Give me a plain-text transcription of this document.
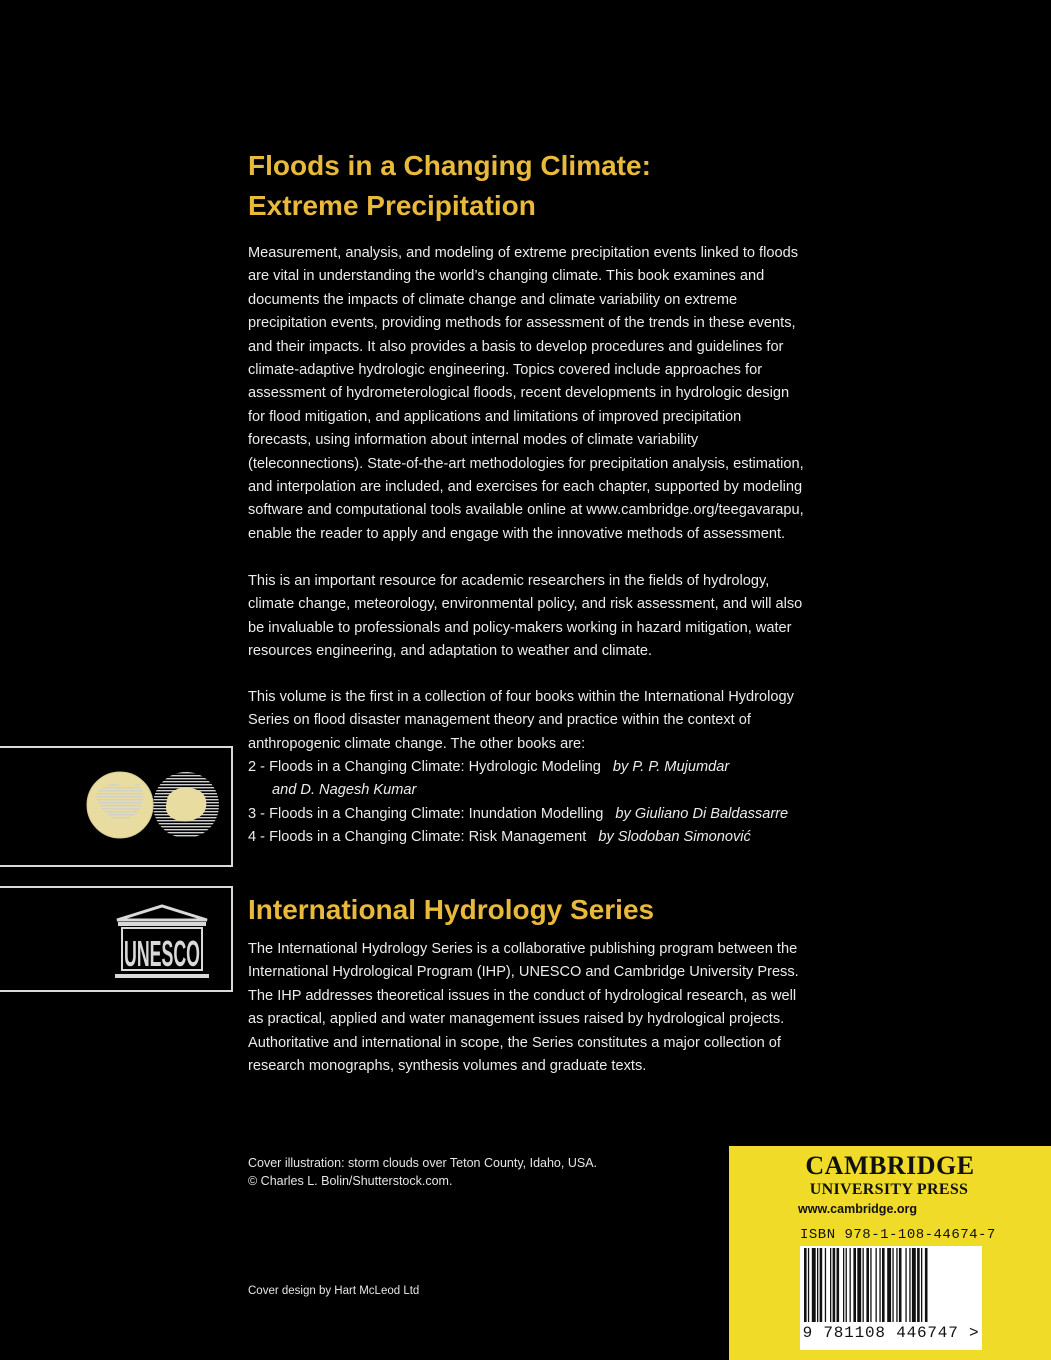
Floods in a Changing Climate:
Extreme Precipitation

Measurement, analysis, and modeling of extreme precipitation events linked to floods are vital in understanding the world’s changing climate. This book examines and documents the impacts of climate change and climate variability on extreme precipitation events, providing methods for assessment of the trends in these events, and their impacts. It also provides a basis to develop procedures and guidelines for climate-adaptive hydrologic engineering. Topics covered include approaches for assessment of hydrometerological floods, recent developments in hydrologic design for flood mitigation, and applications and limitations of improved precipitation forecasts, using information about internal modes of climate variability (teleconnections). State-of-the-art methodologies for precipitation analysis, estimation, and interpolation are included, and exercises for each chapter, supported by modeling software and computational tools available online at www.cambridge.org/teegavarapu, enable the reader to apply and engage with the innovative methods of assessment.

This is an important resource for academic researchers in the fields of hydrology, climate change, meteorology, environmental policy, and risk assessment, and will also be invaluable to professionals and policy-makers working in hazard mitigation, water resources engineering, and adaptation to weather and climate.

This volume is the first in a collection of four books within the International Hydrology Series on flood disaster management theory and practice within the context of anthropogenic climate change. The other books are:

2 - Floods in a Changing Climate: Hydrologic Modeling by P. P. Mujumdar
and D. Nagesh Kumar
3 - Floods in a Changing Climate: Inundation Modelling by Giuliano Di Baldassarre
4 - Floods in a Changing Climate: Risk Management by Slodoban Simonović
UNESCO
International Hydrology Series

The International Hydrology Series is a collaborative publishing program between the International Hydrological Program (IHP), UNESCO and Cambridge University Press. The IHP addresses theoretical issues in the conduct of hydrological research, as well as practical, applied and water management issues raised by hydrological projects. Authoritative and international in scope, the Series constitutes a major collection of research monographs, synthesis volumes and graduate texts.

Cover illustration: storm clouds over Teton County, Idaho, USA.
© Charles L. Bolin/Shutterstock.com.

Cover design by Hart McLeod Ltd

CAMBRIDGE
UNIVERSITY PRESS
www.cambridge.org
ISBN 978-1-108-44674-7
9 781108 446747 >
